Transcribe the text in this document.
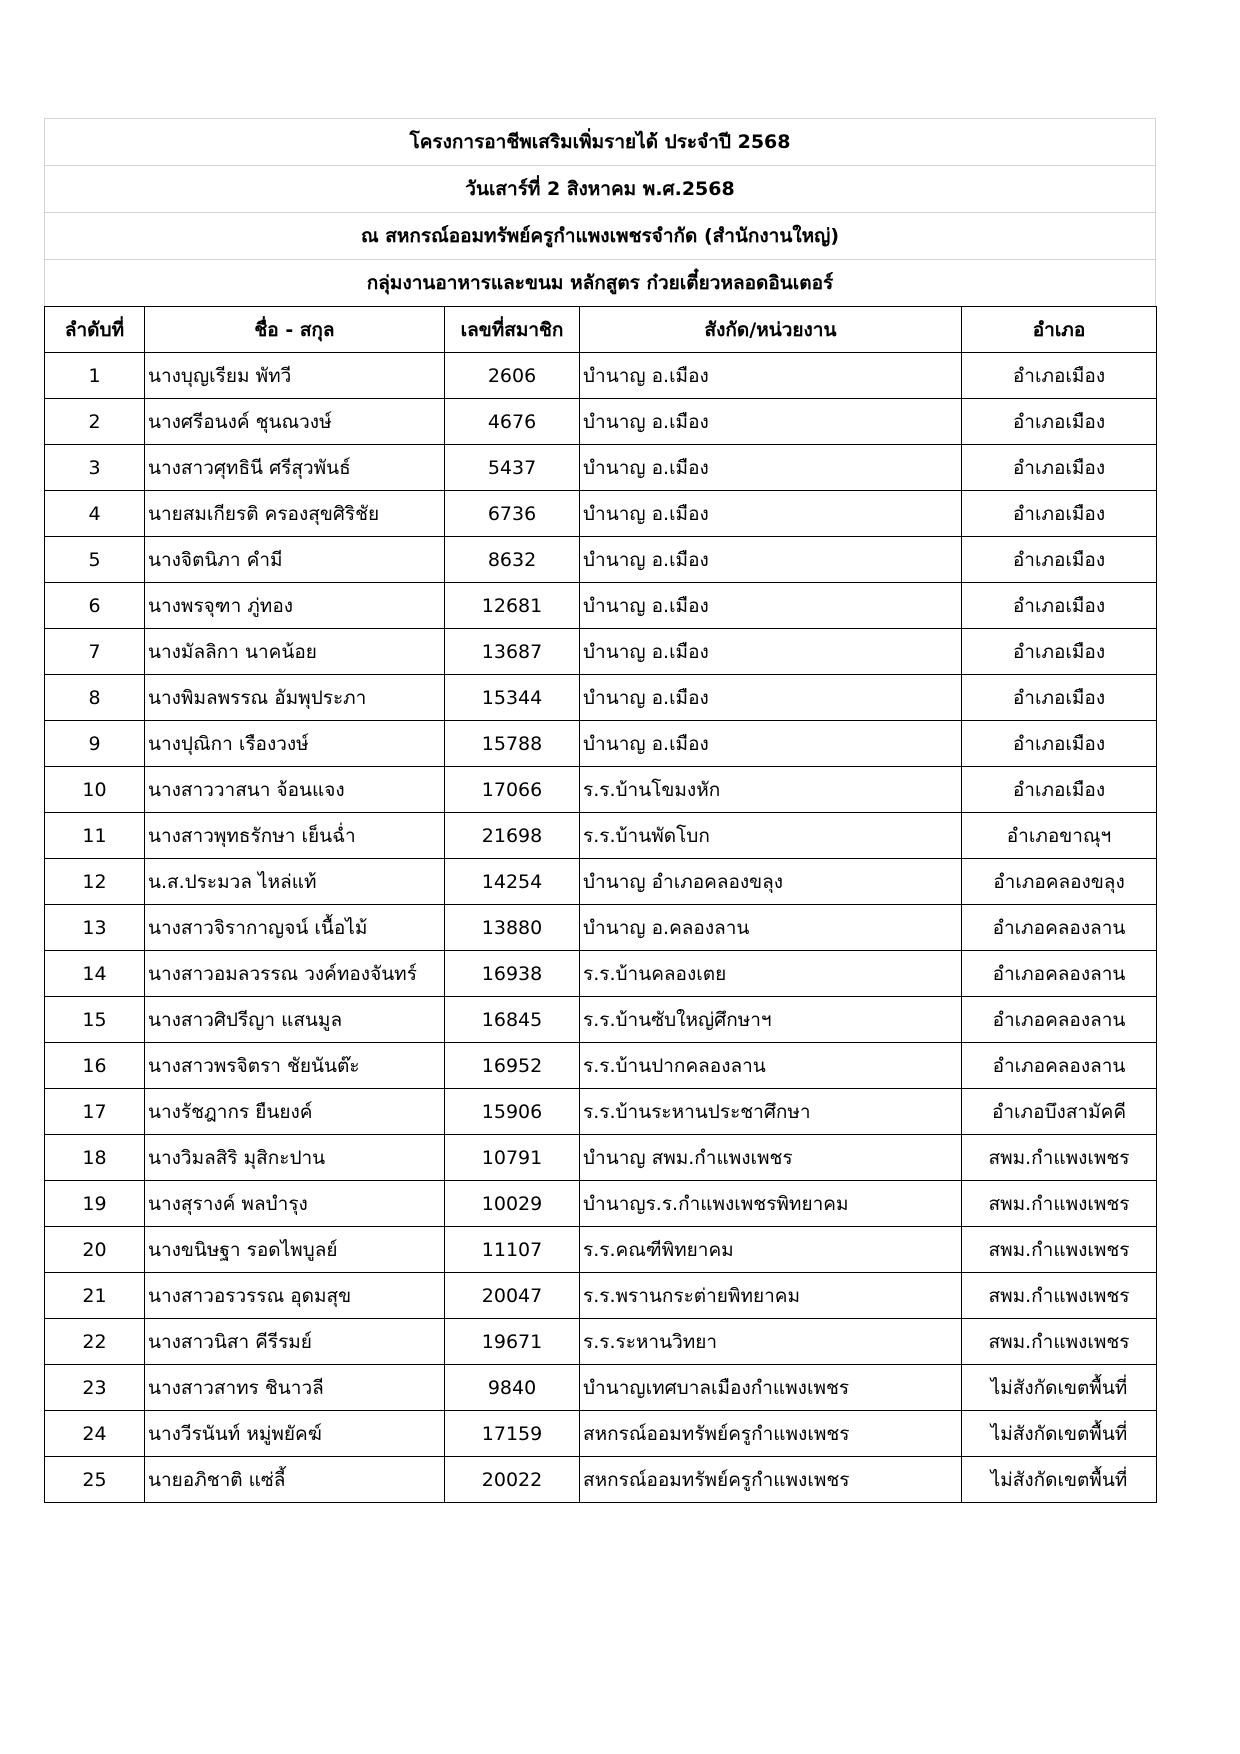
โครงการอาชีพเสริมเพิ่มรายได้ ประจำปี 2568
วันเสาร์ที่ 2 สิงหาคม พ.ศ.2568
ณ สหกรณ์ออมทรัพย์ครูกำแพงเพชรจำกัด (สำนักงานใหญ่)
กลุ่มงานอาหารและขนม หลักสูตร ก๋วยเตี๋ยวหลอดอินเตอร์
ลำดับที่	ชื่อ - สกุล	เลขที่สมาชิก	สังกัด/หน่วยงาน	อำเภอ
1	นางบุญเรียม พัทวี	2606	บำนาญ อ.เมือง	อำเภอเมือง
2	นางศรีอนงค์ ชุนณวงษ์	4676	บำนาญ อ.เมือง	อำเภอเมือง
3	นางสาวศุทธินี ศรีสุวพันธ์	5437	บำนาญ อ.เมือง	อำเภอเมือง
4	นายสมเกียรติ ครองสุขศิริชัย	6736	บำนาญ อ.เมือง	อำเภอเมือง
5	นางจิตนิภา คำมี	8632	บำนาญ อ.เมือง	อำเภอเมือง
6	นางพรจุฑา ภู่ทอง	12681	บำนาญ อ.เมือง	อำเภอเมือง
7	นางมัลลิกา นาคน้อย	13687	บำนาญ อ.เมือง	อำเภอเมือง
8	นางพิมลพรรณ อัมพุประภา	15344	บำนาญ อ.เมือง	อำเภอเมือง
9	นางปุณิกา เรืองวงษ์	15788	บำนาญ อ.เมือง	อำเภอเมือง
10	นางสาววาสนา จ้อนแจง	17066	ร.ร.บ้านโขมงหัก	อำเภอเมือง
11	นางสาวพุทธรักษา เย็นฉ่ำ	21698	ร.ร.บ้านพัดโบก	อำเภอขาณุฯ
12	น.ส.ประมวล ไหล่แท้	14254	บำนาญ อำเภอคลองขลุง	อำเภอคลองขลุง
13	นางสาวจิรากาญจน์ เนื้อไม้	13880	บำนาญ อ.คลองลาน	อำเภอคลองลาน
14	นางสาวอมลวรรณ วงค์ทองจันทร์	16938	ร.ร.บ้านคลองเตย	อำเภอคลองลาน
15	นางสาวศิปรีญา แสนมูล	16845	ร.ร.บ้านซับใหญ่ศึกษาฯ	อำเภอคลองลาน
16	นางสาวพรจิตรา ชัยนันต๊ะ	16952	ร.ร.บ้านปากคลองลาน	อำเภอคลองลาน
17	นางรัชฎากร ยืนยงค์	15906	ร.ร.บ้านระหานประชาศึกษา	อำเภอบึงสามัคคี
18	นางวิมลสิริ มุสิกะปาน	10791	บำนาญ สพม.กำแพงเพชร	สพม.กำแพงเพชร
19	นางสุรางค์ พลบำรุง	10029	บำนาญร.ร.กำแพงเพชรพิทยาคม	สพม.กำแพงเพชร
20	นางขนิษฐา รอดไพบูลย์	11107	ร.ร.คณฑีพิทยาคม	สพม.กำแพงเพชร
21	นางสาวอรวรรณ อุดมสุข	20047	ร.ร.พรานกระต่ายพิทยาคม	สพม.กำแพงเพชร
22	นางสาวนิสา คีรีรมย์	19671	ร.ร.ระหานวิทยา	สพม.กำแพงเพชร
23	นางสาวสาทร ชินาวลี	9840	บำนาญเทศบาลเมืองกำแพงเพชร	ไม่สังกัดเขตพื้นที่
24	นางวีรนันท์ หมู่พยัคฆ์	17159	สหกรณ์ออมทรัพย์ครูกำแพงเพชร	ไม่สังกัดเขตพื้นที่
25	นายอภิชาติ แซ่ลี้	20022	สหกรณ์ออมทรัพย์ครูกำแพงเพชร	ไม่สังกัดเขตพื้นที่
